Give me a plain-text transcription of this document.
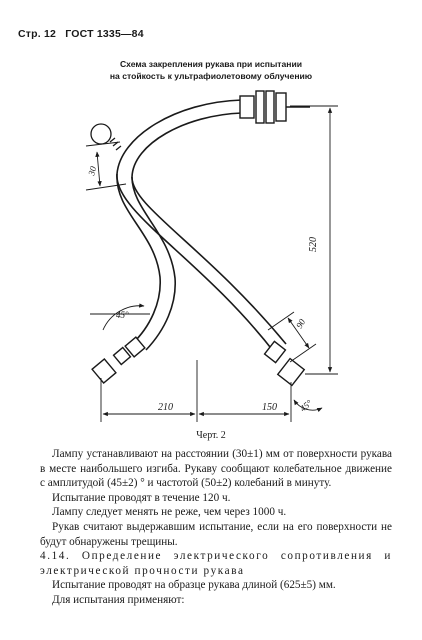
Стр. 12 ГОСТ 1335—84
Схема закрепления рукава при испытании
на стойкость к ультрафиолетовому облучению
30
520
90
45°
45°
210	150
Черт. 2

Лампу устанавливают на расстоянии (30±1) мм от поверхности рукава в месте наибольшего изгиба. Рукаву сообщают колебательное движение с амплитудой (45±2) ° и частотой (50±2) колебаний в минуту.

Испытание проводят в течение 120 ч.

Лампу следует менять не реже, чем через 1000 ч.

Рукав считают выдержавшим испытание, если на его поверхности не будут обнаружены трещины.

4.14. Определение электрического сопротивления и электрической прочности рукава

Испытание проводят на образце рукава длиной (625±5) мм.

Для испытания применяют:
